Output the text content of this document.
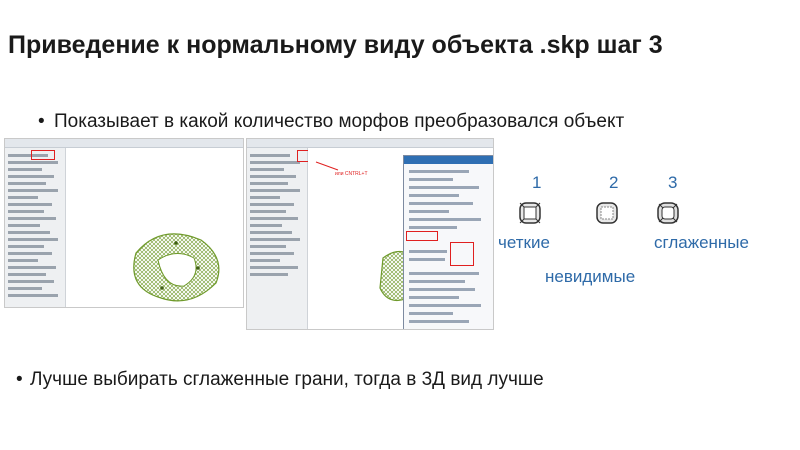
Приведение к нормальному виду объекта .skp шаг 3
• Показывает в какой количество морфов преобразовался объект
или CNTRL+T	1	2	3
четкие	сглаженные
невидимые
• Лучше выбирать сглаженные грани, тогда в 3Д вид лучше
